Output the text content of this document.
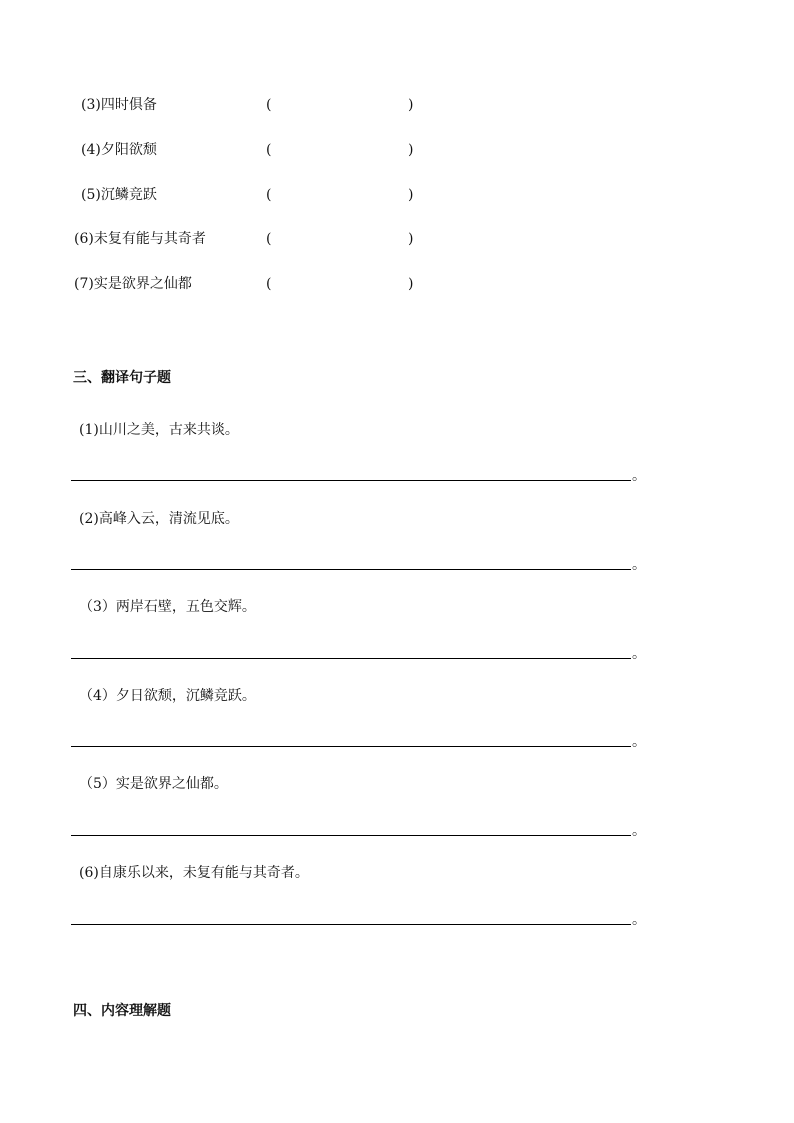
(3)四时俱备	(	)
(4)夕阳欲颓	(	)
(5)沉鳞竞跃	(	)
(6)未复有能与其奇者	(	)
(7)实是欲界之仙都	(	)
三、翻译句子题
(1)山川之美，古来共谈。
。
(2)高峰入云，清流见底。
。
（3）两岸石壁，五色交辉。
。
（4）夕日欲颓，沉鳞竞跃。
。
（5）实是欲界之仙都。
。
(6)自康乐以来，未复有能与其奇者。
。
四、内容理解题
